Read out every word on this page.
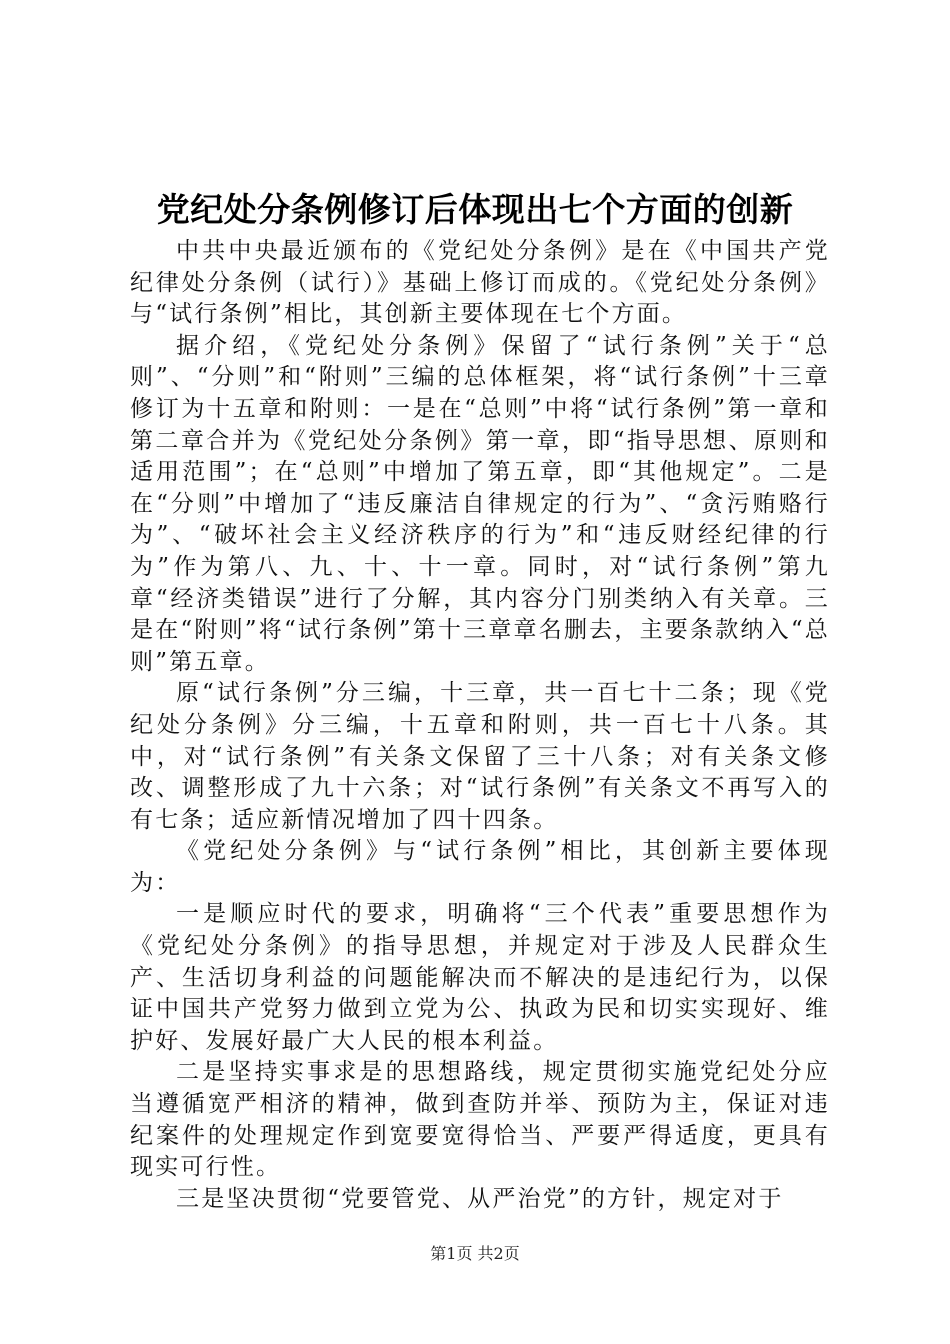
党纪处分条例修订后体现出七个方面的创新

中共中央最近颁布的《党纪处分条例》是在《中国共产党纪律处分条例（试行）》基础上修订而成的。《党纪处分条例》与“试行条例”相比，其创新主要体现在七个方面。

据介绍，《党纪处分条例》保留了“试行条例”关于“总则”、“分则”和“附则”三编的总体框架，将“试行条例”十三章修订为十五章和附则：一是在“总则”中将“试行条例”第一章和第二章合并为《党纪处分条例》第一章，即“指导思想、原则和适用范围”；在“总则”中增加了第五章，即“其他规定”。二是在“分则”中增加了“违反廉洁自律规定的行为”、“贪污贿赂行为”、“破坏社会主义经济秩序的行为”和“违反财经纪律的行为”作为第八、九、十、十一章。同时，对“试行条例”第九章“经济类错误”进行了分解，其内容分门别类纳入有关章。三是在“附则”将“试行条例”第十三章章名删去，主要条款纳入“总则”第五章。

原“试行条例”分三编，十三章，共一百七十二条；现《党纪处分条例》分三编，十五章和附则，共一百七十八条。其中，对“试行条例”有关条文保留了三十八条；对有关条文修改、调整形成了九十六条；对“试行条例”有关条文不再写入的有七条；适应新情况增加了四十四条。

《党纪处分条例》与“试行条例”相比，其创新主要体现为：

一是顺应时代的要求，明确将“三个代表”重要思想作为《党纪处分条例》的指导思想，并规定对于涉及人民群众生产、生活切身利益的问题能解决而不解决的是违纪行为，以保证中国共产党努力做到立党为公、执政为民和切实实现好、维护好、发展好最广大人民的根本利益。

二是坚持实事求是的思想路线，规定贯彻实施党纪处分应当遵循宽严相济的精神，做到查防并举、预防为主，保证对违纪案件的处理规定作到宽要宽得恰当、严要严得适度，更具有现实可行性。

三是坚决贯彻“党要管党、从严治党”的方针，规定对于

第1页 共2页
